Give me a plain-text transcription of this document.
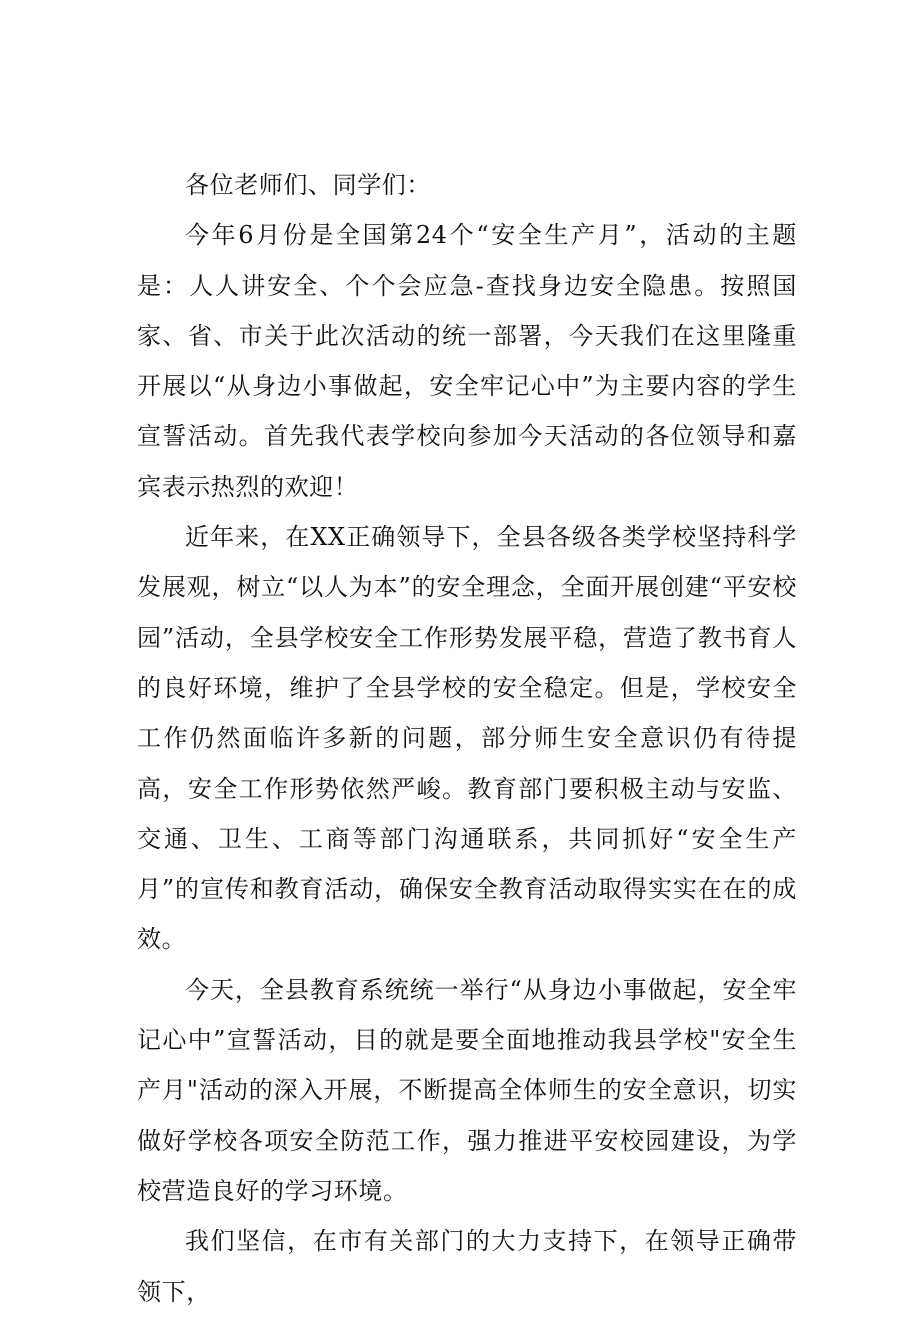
各位老师们、同学们：

今年6月份是全国第24个“安全生产月”，活动的主题是：人人讲安全、个个会应急-查找身边安全隐患。按照国家、省、市关于此次活动的统一部署，今天我们在这里隆重开展以“从身边小事做起，安全牢记心中”为主要内容的学生宣誓活动。首先我代表学校向参加今天活动的各位领导和嘉宾表示热烈的欢迎！

近年来，在XX正确领导下，全县各级各类学校坚持科学发展观，树立“以人为本”的安全理念，全面开展创建“平安校园”活动，全县学校安全工作形势发展平稳，营造了教书育人的良好环境，维护了全县学校的安全稳定。但是，学校安全工作仍然面临许多新的问题，部分师生安全意识仍有待提高，安全工作形势依然严峻。教育部门要积极主动与安监、交通、卫生、工商等部门沟通联系，共同抓好“安全生产月”的宣传和教育活动，确保安全教育活动取得实实在在的成效。

今天，全县教育系统统一举行“从身边小事做起，安全牢记心中”宣誓活动，目的就是要全面地推动我县学校"安全生产月"活动的深入开展，不断提高全体师生的安全意识，切实做好学校各项安全防范工作，强力推进平安校园建设，为学校营造良好的学习环境。

我们坚信，在市有关部门的大力支持下，在领导正确带领下，
